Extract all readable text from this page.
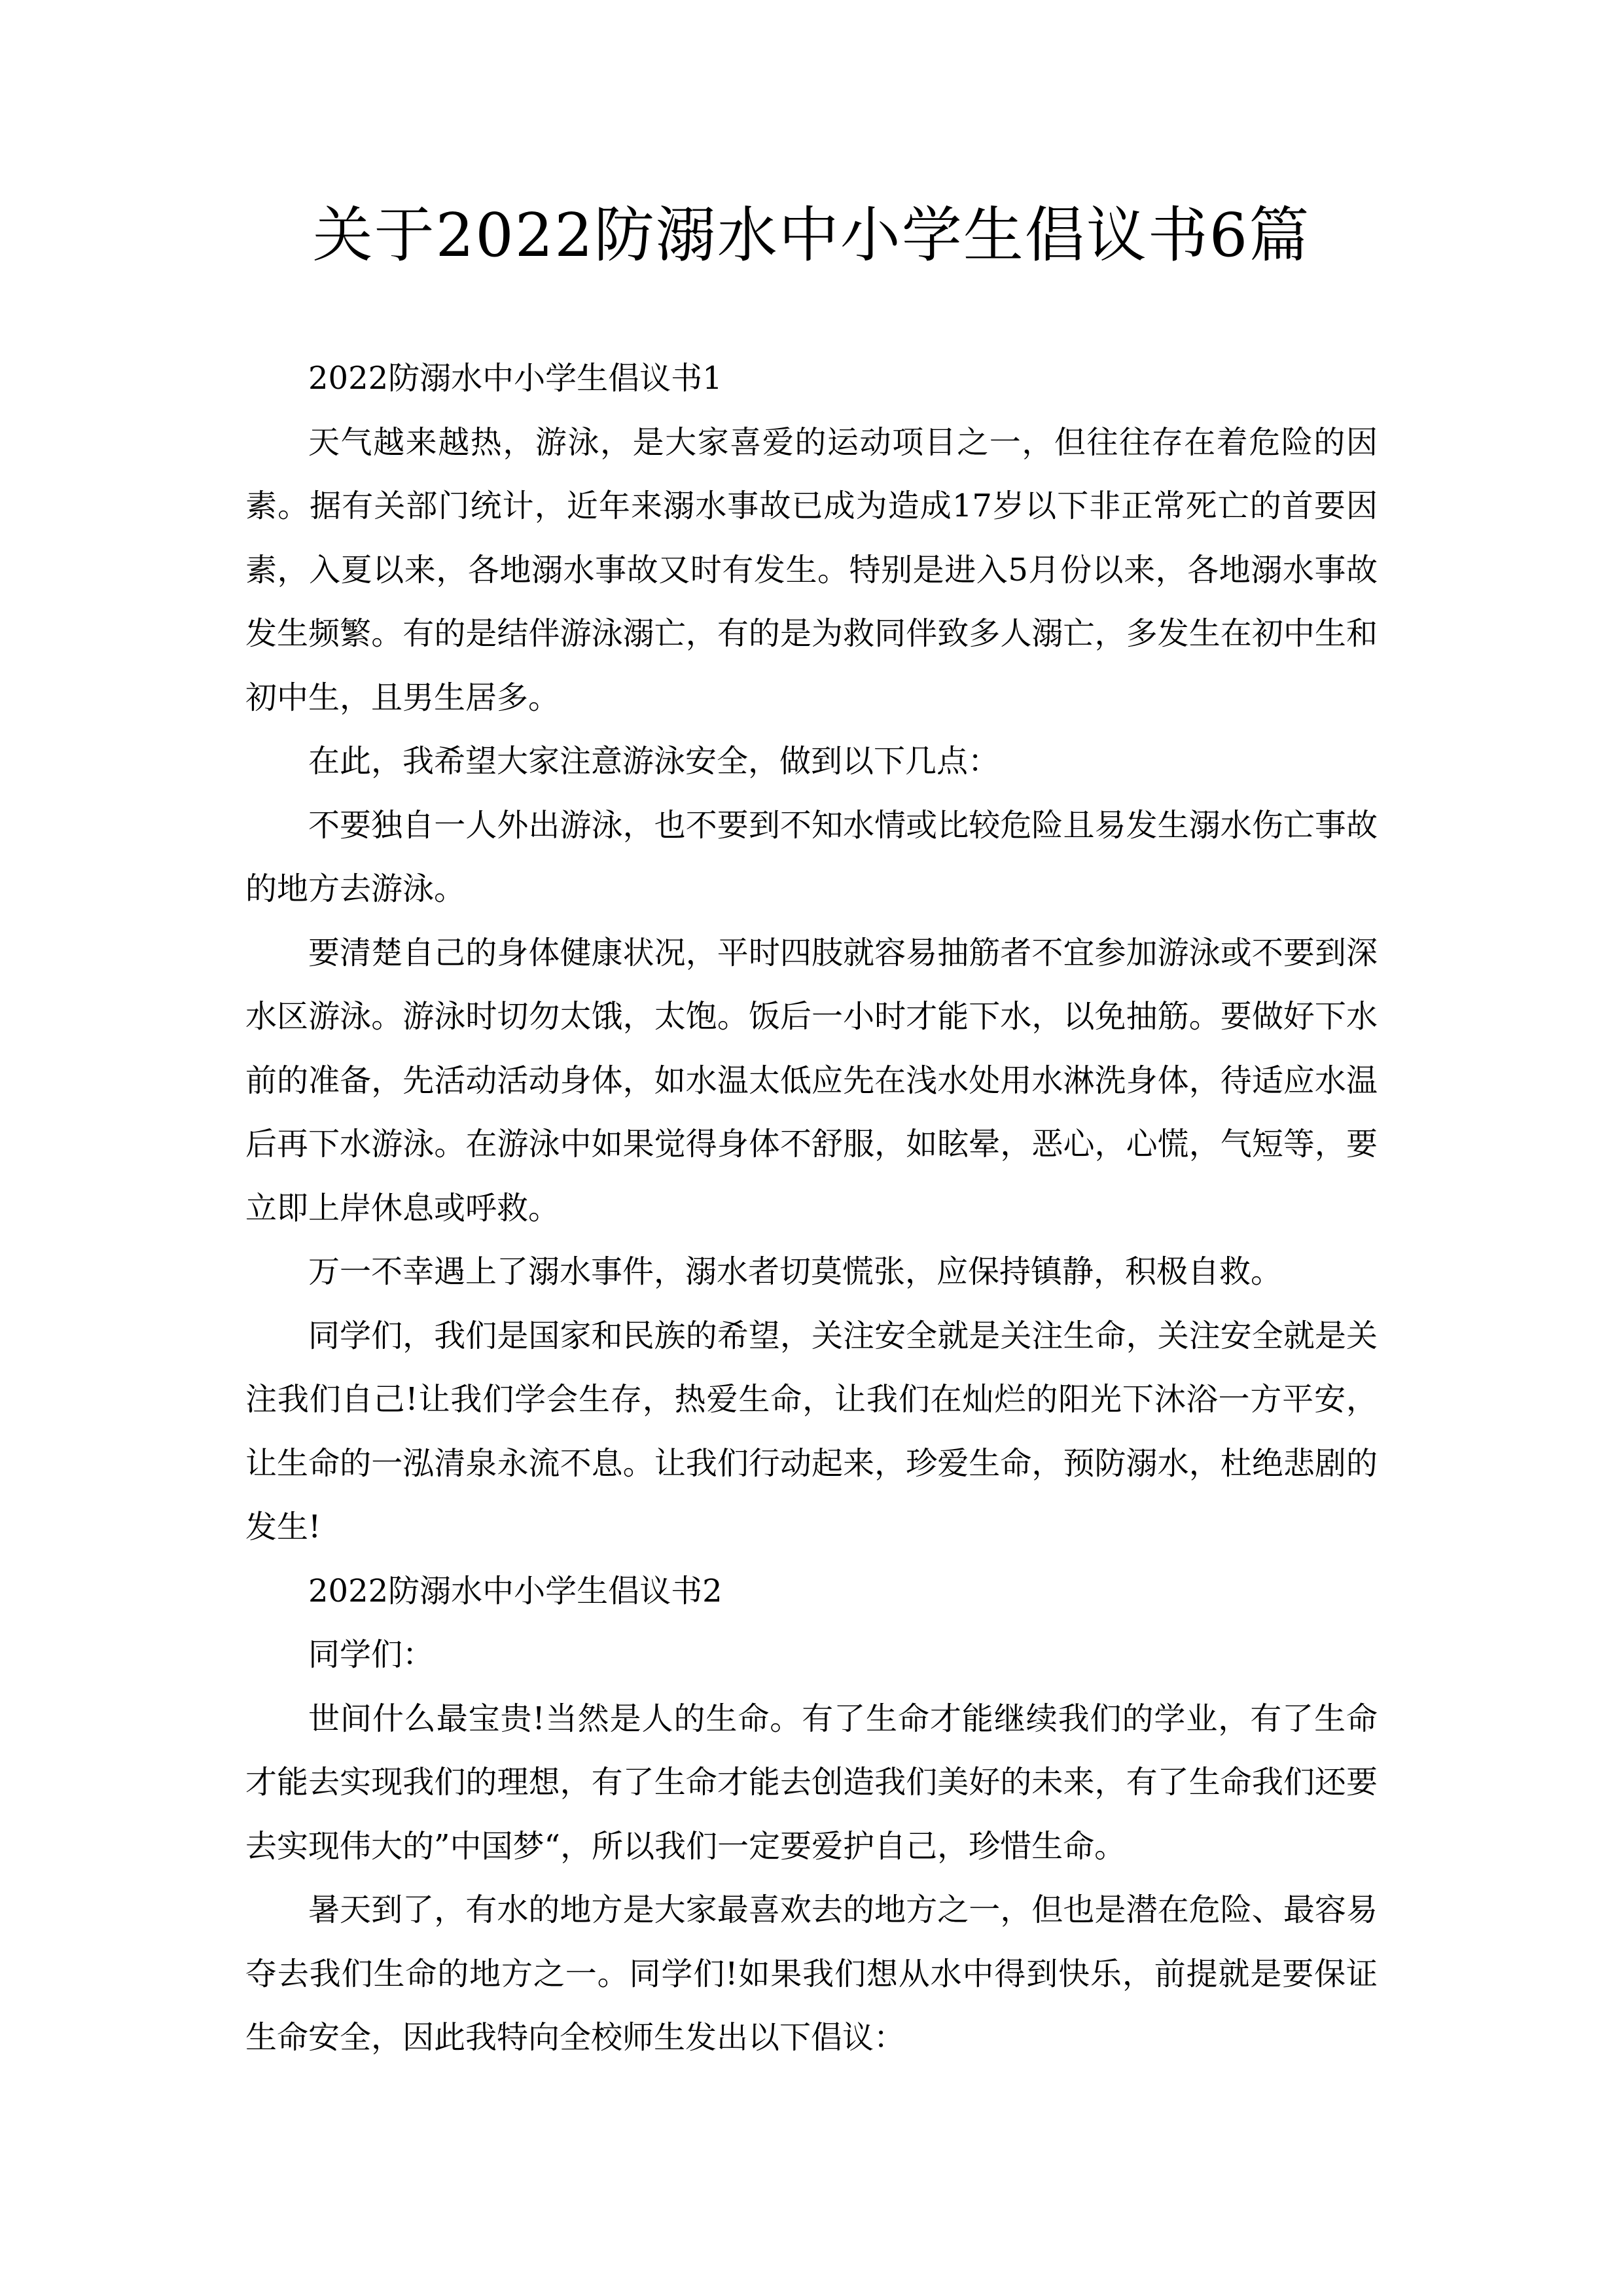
关于2022防溺水中小学生倡议书6篇

2022防溺水中小学生倡议书1

天气越来越热，游泳，是大家喜爱的运动项目之一，但往往存在着危险的因素。据有关部门统计，近年来溺水事故已成为造成17岁以下非正常死亡的首要因素，入夏以来，各地溺水事故又时有发生。特别是进入5月份以来，各地溺水事故发生频繁。有的是结伴游泳溺亡，有的是为救同伴致多人溺亡，多发生在初中生和初中生，且男生居多。

在此，我希望大家注意游泳安全，做到以下几点：

不要独自一人外出游泳，也不要到不知水情或比较危险且易发生溺水伤亡事故的地方去游泳。

要清楚自己的身体健康状况，平时四肢就容易抽筋者不宜参加游泳或不要到深水区游泳。游泳时切勿太饿，太饱。饭后一小时才能下水，以免抽筋。要做好下水前的准备，先活动活动身体，如水温太低应先在浅水处用水淋洗身体，待适应水温后再下水游泳。在游泳中如果觉得身体不舒服，如眩晕，恶心，心慌，气短等，要立即上岸休息或呼救。

万一不幸遇上了溺水事件，溺水者切莫慌张，应保持镇静，积极自救。

同学们，我们是国家和民族的希望，关注安全就是关注生命，关注安全就是关注我们自己!让我们学会生存，热爱生命，让我们在灿烂的阳光下沐浴一方平安，让生命的一泓清泉永流不息。让我们行动起来，珍爱生命，预防溺水，杜绝悲剧的发生!

2022防溺水中小学生倡议书2

同学们：

世间什么最宝贵!当然是人的生命。有了生命才能继续我们的学业，有了生命才能去实现我们的理想，有了生命才能去创造我们美好的未来，有了生命我们还要去实现伟大的”中国梦“，所以我们一定要爱护自己，珍惜生命。

暑天到了，有水的地方是大家最喜欢去的地方之一，但也是潜在危险、最容易夺去我们生命的地方之一。同学们!如果我们想从水中得到快乐，前提就是要保证生命安全，因此我特向全校师生发出以下倡议：
